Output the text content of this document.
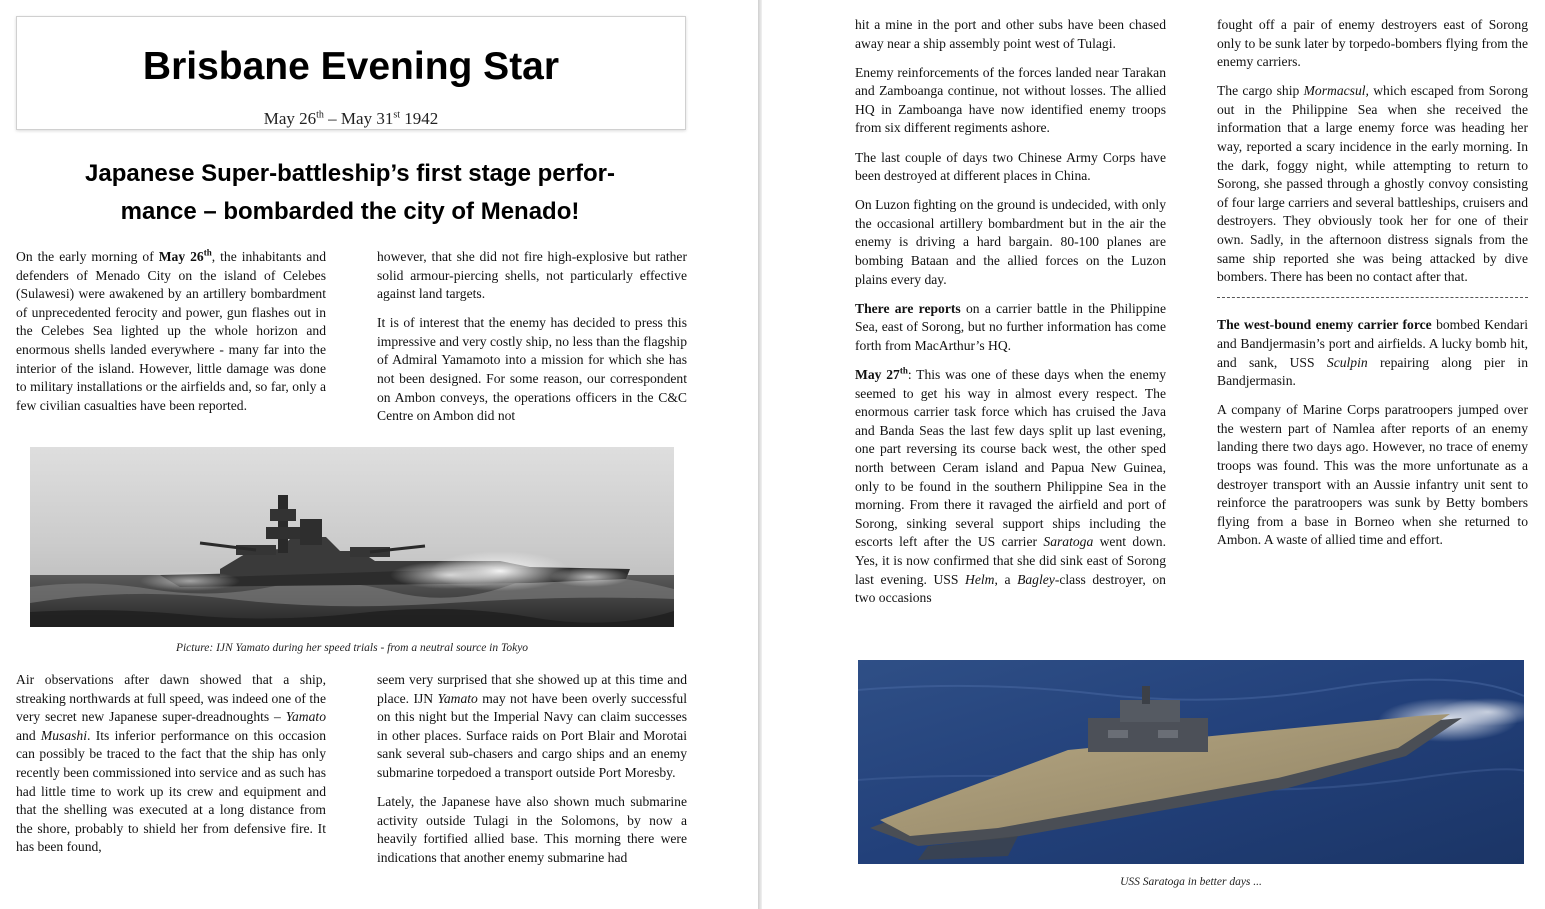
Brisbane Evening Star
May 26th – May 31st 1942
Japanese Super-battleship’s first stage perfor-
mance – bombarded the city of Menado!

On the early morning of May 26th, the inhabitants and defenders of Menado City on the island of Celebes (Sulawesi) were awakened by an artillery bombardment of unprecedented ferocity and power, gun flashes out in the Celebes Sea lighted up the whole horizon and enormous shells landed everywhere - many far into the interior of the island. However, little damage was done to military installations or the airfields and, so far, only a few civilian casualties have been reported.

however, that she did not fire high-explosive but rather solid armour-piercing shells, not particularly effective against land targets.

It is of interest that the enemy has decided to press this impressive and very costly ship, no less than the flagship of Admiral Yamamoto into a mission for which she has not been designed. For some reason, our correspondent on Ambon conveys, the operations officers in the C&C Centre on Ambon did not

Picture: IJN Yamato during her speed trials - from a neutral source in Tokyo

Air observations after dawn showed that a ship, streaking northwards at full speed, was indeed one of the very secret new Japanese super-dreadnoughts – Yamato and Musashi. Its inferior performance on this occasion can possibly be traced to the fact that the ship has only recently been commissioned into service and as such has had little time to work up its crew and equipment and that the shelling was executed at a long distance from the shore, probably to shield her from defensive fire. It has been found,

seem very surprised that she showed up at this time and place. IJN Yamato may not have been overly successful on this night but the Imperial Navy can claim successes in other places. Surface raids on Port Blair and Morotai sank several sub-chasers and cargo ships and an enemy submarine torpedoed a transport outside Port Moresby.

Lately, the Japanese have also shown much submarine activity outside Tulagi in the Solomons, by now a heavily fortified allied base. This morning there were indications that another enemy submarine had

hit a mine in the port and other subs have been chased away near a ship assembly point west of Tulagi.

Enemy reinforcements of the forces landed near Tarakan and Zamboanga continue, not without losses. The allied HQ in Zamboanga have now identified enemy troops from six different regiments ashore.

The last couple of days two Chinese Army Corps have been destroyed at different places in China.

On Luzon fighting on the ground is undecided, with only the occasional artillery bombardment but in the air the enemy is driving a hard bargain. 80-100 planes are bombing Bataan and the allied forces on the Luzon plains every day.

There are reports on a carrier battle in the Philippine Sea, east of Sorong, but no further information has come forth from MacArthur’s HQ.

May 27th: This was one of these days when the enemy seemed to get his way in almost every respect. The enormous carrier task force which has cruised the Java and Banda Seas the last few days split up last evening, one part reversing its course back west, the other sped north between Ceram island and Papua New Guinea, only to be found in the southern Philippine Sea in the morning. From there it ravaged the airfield and port of Sorong, sinking several support ships including the escorts left after the US carrier Saratoga went down. Yes, it is now confirmed that she did sink east of Sorong last evening. USS Helm, a Bagley-class destroyer, on two occasions

fought off a pair of enemy destroyers east of Sorong only to be sunk later by torpedo-bombers flying from the enemy carriers.

The cargo ship Mormacsul, which escaped from Sorong out in the Philippine Sea when she received the information that a large enemy force was heading her way, reported a scary incidence in the early morning. In the dark, foggy night, while attempting to return to Sorong, she passed through a ghostly convoy consisting of four large carriers and several battleships, cruisers and destroyers. They obviously took her for one of their own. Sadly, in the afternoon distress signals from the same ship reported she was being attacked by dive bombers. There has been no contact after that.

The west-bound enemy carrier force bombed Kendari and Bandjermasin’s port and airfields. A lucky bomb hit, and sank, USS Sculpin repairing along pier in Bandjermasin.

A company of Marine Corps paratroopers jumped over the western part of Namlea after reports of an enemy landing there two days ago. However, no trace of enemy troops was found. This was the more unfortunate as a destroyer transport with an Aussie infantry unit sent to reinforce the paratroopers was sunk by Betty bombers flying from a base in Borneo when she returned to Ambon. A waste of allied time and effort.

USS Saratoga in better days ...
